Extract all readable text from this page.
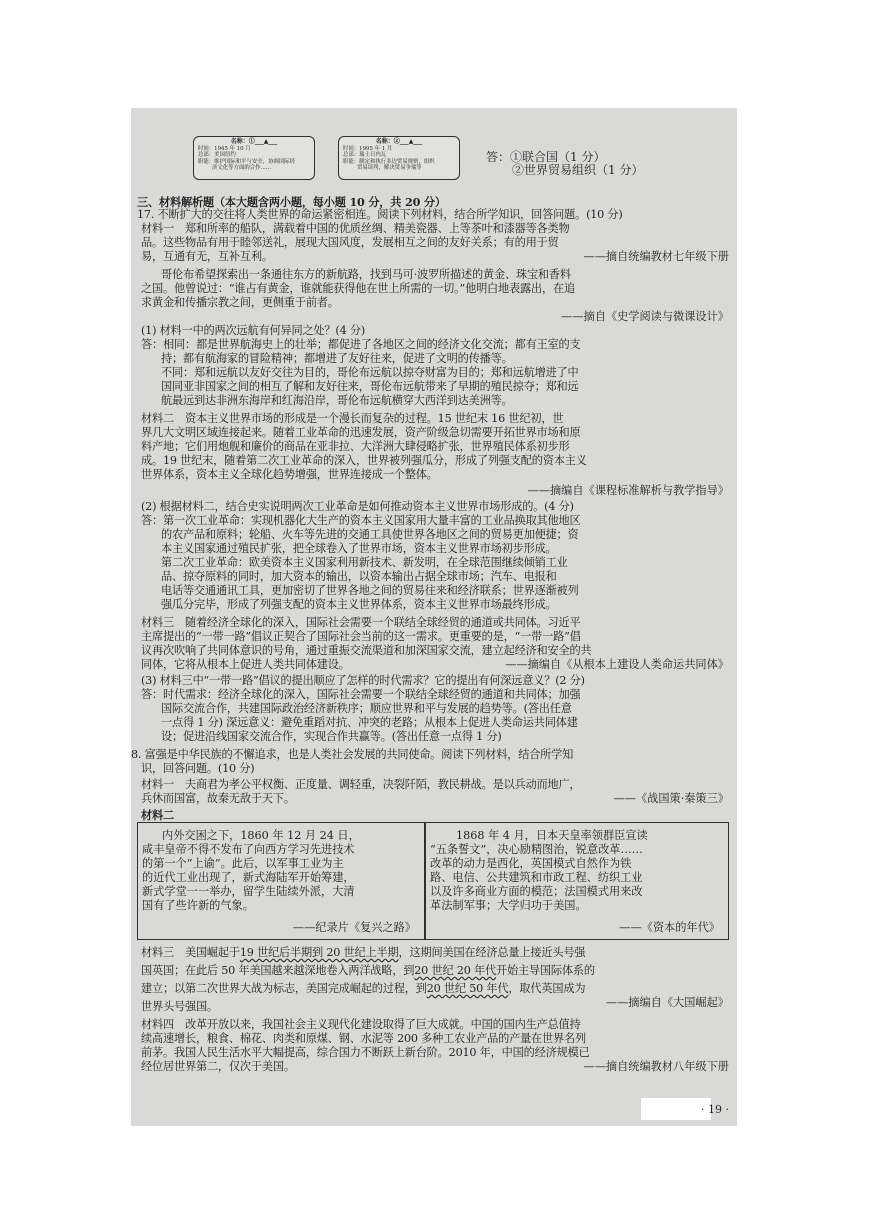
名称：①___▲___
时间：1945 年 10 月
总部：美国纽约
职能：维护国际和平与安全，协调国际经
济文化等方面的合作……
名称：②___▲___
时间：1995 年 1 月
总部：瑞士日内瓦
职能：制定和执行多边贸易规则，组织
贸易谈判，解决贸易争端等
答：①联合国（1 分）
②世界贸易组织（1 分）
三、材料解析题（本大题含两小题，每小题 10 分，共 20 分）
17. 不断扩大的交往将人类世界的命运紧密相连。阅读下列材料，结合所学知识，回答问题。(10 分)
材料一　郑和所率的船队，满载着中国的优质丝绸、精美瓷器、上等茶叶和漆器等各类物
品。这些物品有用于睦邻送礼，展现大国风度，发展相互之间的友好关系；有的用于贸
易，互通有无，互补互利。	——摘自统编教材七年级下册
哥伦布希望探索出一条通往东方的新航路，找到马可·波罗所描述的黄金、珠宝和香料
之国。他曾说过：“谁占有黄金，谁就能获得他在世上所需的一切。”他明白地表露出，在追
求黄金和传播宗教之间，更侧重于前者。
——摘自《史学阅读与微课设计》
(1) 材料一中的两次远航有何异同之处？(4 分)
答：相同：都是世界航海史上的壮举；都促进了各地区之间的经济文化交流；都有王室的支
持；都有航海家的冒险精神；都增进了友好往来，促进了文明的传播等。
不同：郑和远航以友好交往为目的，哥伦布远航以掠夺财富为目的；郑和远航增进了中
国同亚非国家之间的相互了解和友好往来，哥伦布远航带来了早期的殖民掠夺；郑和远
航最远到达非洲东海岸和红海沿岸，哥伦布远航横穿大西洋到达美洲等。
材料二　资本主义世界市场的形成是一个漫长而复杂的过程。15 世纪末 16 世纪初，世
界几大文明区域连接起来。随着工业革命的迅速发展，资产阶级急切需要开拓世界市场和原
料产地；它们用炮舰和廉价的商品在亚非拉、大洋洲大肆侵略扩张，世界殖民体系初步形
成。19 世纪末，随着第二次工业革命的深入，世界被列强瓜分，形成了列强支配的资本主义
世界体系，资本主义全球化趋势增强，世界连接成一个整体。
——摘编自《课程标准解析与教学指导》
(2) 根据材料二，结合史实说明两次工业革命是如何推动资本主义世界市场形成的。(4 分)
答：第一次工业革命：实现机器化大生产的资本主义国家用大量丰富的工业品换取其他地区
的农产品和原料；轮船、火车等先进的交通工具使世界各地区之间的贸易更加便捷；资
本主义国家通过殖民扩张，把全球卷入了世界市场，资本主义世界市场初步形成。
第二次工业革命：欧美资本主义国家利用新技术、新发明，在全球范围继续倾销工业
品、掠夺原料的同时，加大资本的输出，以资本输出占据全球市场；汽车、电报和
电话等交通通讯工具，更加密切了世界各地之间的贸易往来和经济联系；世界逐渐被列
强瓜分完毕，形成了列强支配的资本主义世界体系，资本主义世界市场最终形成。
材料三　随着经济全球化的深入，国际社会需要一个联结全球经贸的通道或共同体。习近平
主席提出的“一带一路”倡议正契合了国际社会当前的这一需求。更重要的是，“一带一路”倡
议再次吹响了共同体意识的号角，通过重振交流渠道和加深国家交流，建立起经济和安全的共
同体，它将从根本上促进人类共同体建设。	——摘编自《从根本上建设人类命运共同体》
(3) 材料三中“一带一路”倡议的提出顺应了怎样的时代需求？它的提出有何深远意义？(2 分)
答：时代需求：经济全球化的深入，国际社会需要一个联结全球经贸的通道和共同体；加强
国际交流合作，共建国际政治经济新秩序；顺应世界和平与发展的趋势等。(答出任意
一点得 1 分) 深远意义：避免重蹈对抗、冲突的老路；从根本上促进人类命运共同体建
设；促进沿线国家交流合作，实现合作共赢等。(答出任意一点得 1 分)
8. 富强是中华民族的不懈追求，也是人类社会发展的共同使命。阅读下列材料，结合所学知
识，回答问题。(10 分)
材料一　夫商君为孝公平权衡、正度量、调轻重，决裂阡陌，教民耕战。是以兵动而地广，
兵休而国富，故秦无敌于天下。	——《战国策·秦策三》
材料二
内外交困之下，1860 年 12 月 24 日，
咸丰皇帝不得不发布了向西方学习先进技术
的第一个“上谕”。此后，以军事工业为主
的近代工业出现了，新式海陆军开始筹建，
新式学堂一一举办，留学生陆续外派，大清
国有了些许新的气象。
——纪录片《复兴之路》
1868 年 4 月，日本天皇率领群臣宣读
“五条誓文”，决心励精图治，锐意改革……
改革的动力是西化，英国模式自然作为铁
路、电信、公共建筑和市政工程、纺织工业
以及许多商业方面的模范；法国模式用来改
革法制军事；大学归功于美国。
——《资本的年代》
材料三　美国崛起于19 世纪后半期到 20 世纪上半期，这期间美国在经济总量上接近头号强
国英国；在此后 50 年美国越来越深地卷入两洋战略，到20 世纪 20 年代开始主导国际体系的
建立；以第二次世界大战为标志，美国完成崛起的过程，到20 世纪 50 年代，取代英国成为
世界头号强国。	——摘编自《大国崛起》
材料四　改革开放以来，我国社会主义现代化建设取得了巨大成就。中国的国内生产总值持
续高速增长，粮食、棉花、肉类和原煤、钢、水泥等 200 多种工农业产品的产量在世界名列
前茅。我国人民生活水平大幅提高，综合国力不断跃上新台阶。2010 年，中国的经济规模已
经位居世界第二，仅次于美国。	——摘自统编教材八年级下册
· 19 ·
